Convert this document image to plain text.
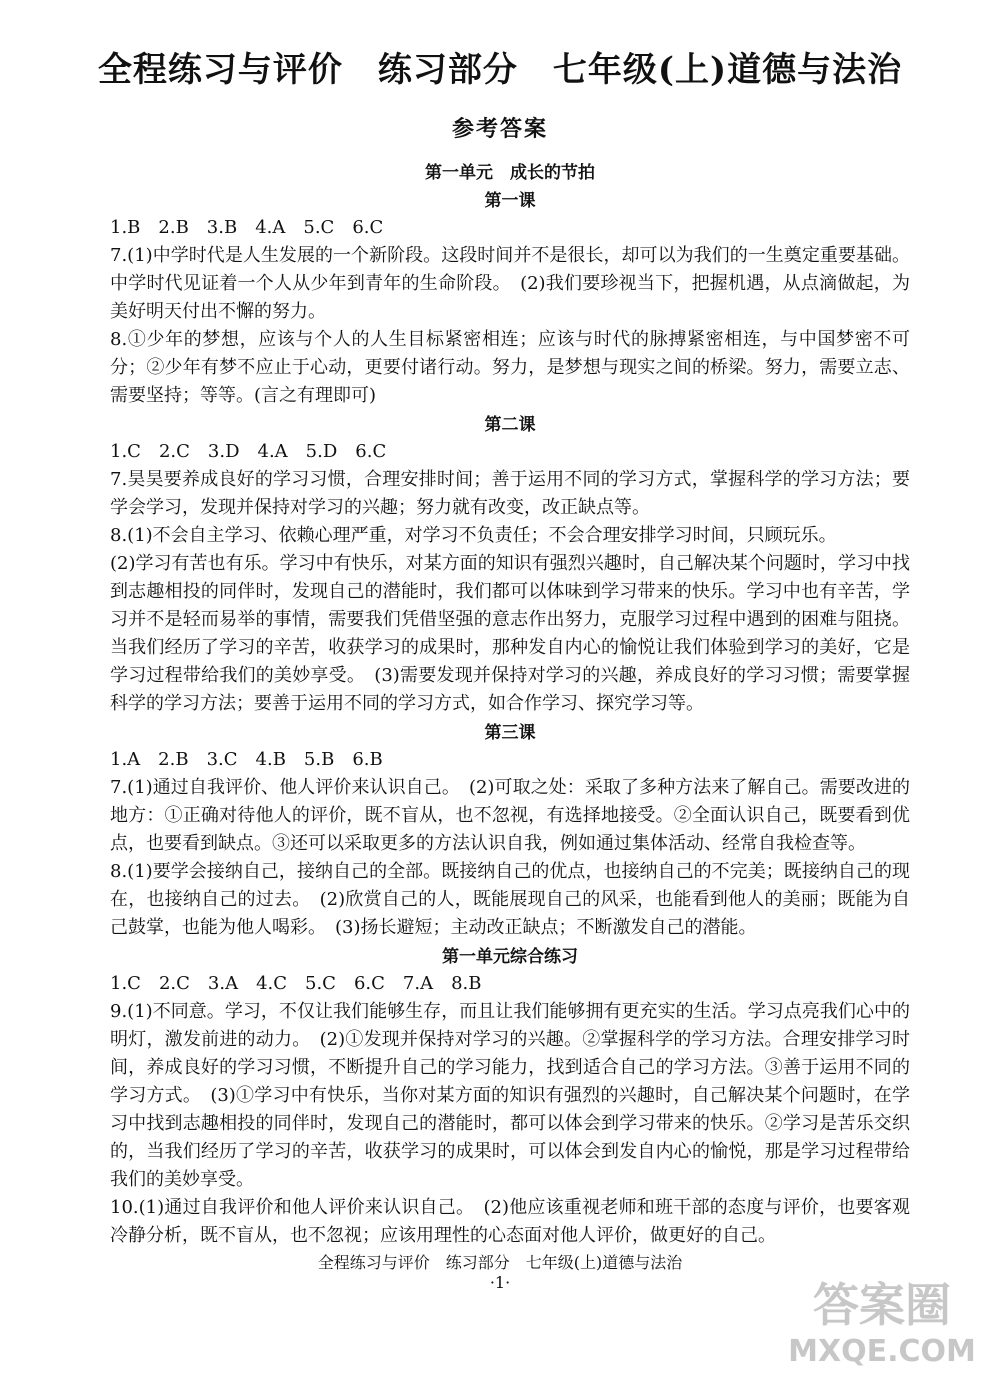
全程练习与评价　练习部分　七年级(上)道德与法治
参考答案
第一单元　成长的节拍
第一课
1.B　2.B　3.B　4.A　5.C　6.C
7.(1)中学时代是人生发展的一个新阶段。这段时间并不是很长，却可以为我们的一生奠定重要基础。中学时代见证着一个人从少年到青年的生命阶段。　(2)我们要珍视当下，把握机遇，从点滴做起，为美好明天付出不懈的努力。
8.①少年的梦想，应该与个人的人生目标紧密相连；应该与时代的脉搏紧密相连，与中国梦密不可分；②少年有梦不应止于心动，更要付诸行动。努力，是梦想与现实之间的桥梁。努力，需要立志、需要坚持；等等。(言之有理即可)
第二课
1.C　2.C　3.D　4.A　5.D　6.C
7.昊昊要养成良好的学习习惯，合理安排时间；善于运用不同的学习方式，掌握科学的学习方法；要学会学习，发现并保持对学习的兴趣；努力就有改变，改正缺点等。
8.(1)不会自主学习、依赖心理严重，对学习不负责任；不会合理安排学习时间，只顾玩乐。
(2)学习有苦也有乐。学习中有快乐，对某方面的知识有强烈兴趣时，自己解决某个问题时，学习中找到志趣相投的同伴时，发现自己的潜能时，我们都可以体味到学习带来的快乐。学习中也有辛苦，学习并不是轻而易举的事情，需要我们凭借坚强的意志作出努力，克服学习过程中遇到的困难与阻挠。当我们经历了学习的辛苦，收获学习的成果时，那种发自内心的愉悦让我们体验到学习的美好，它是学习过程带给我们的美妙享受。　(3)需要发现并保持对学习的兴趣，养成良好的学习习惯；需要掌握科学的学习方法；要善于运用不同的学习方式，如合作学习、探究学习等。
第三课
1.A　2.B　3.C　4.B　5.B　6.B
7.(1)通过自我评价、他人评价来认识自己。　(2)可取之处：采取了多种方法来了解自己。需要改进的地方：①正确对待他人的评价，既不盲从，也不忽视，有选择地接受。②全面认识自己，既要看到优点，也要看到缺点。③还可以采取更多的方法认识自我，例如通过集体活动、经常自我检查等。
8.(1)要学会接纳自己，接纳自己的全部。既接纳自己的优点，也接纳自己的不完美；既接纳自己的现在，也接纳自己的过去。　(2)欣赏自己的人，既能展现自己的风采，也能看到他人的美丽；既能为自己鼓掌，也能为他人喝彩。　(3)扬长避短；主动改正缺点；不断激发自己的潜能。
第一单元综合练习
1.C　2.C　3.A　4.C　5.C　6.C　7.A　8.B
9.(1)不同意。学习，不仅让我们能够生存，而且让我们能够拥有更充实的生活。学习点亮我们心中的明灯，激发前进的动力。　(2)①发现并保持对学习的兴趣。②掌握科学的学习方法。合理安排学习时间，养成良好的学习习惯，不断提升自己的学习能力，找到适合自己的学习方法。③善于运用不同的学习方式。　(3)①学习中有快乐，当你对某方面的知识有强烈的兴趣时，自己解决某个问题时，在学习中找到志趣相投的同伴时，发现自己的潜能时，都可以体会到学习带来的快乐。②学习是苦乐交织的，当我们经历了学习的辛苦，收获学习的成果时，可以体会到发自内心的愉悦，那是学习过程带给我们的美妙享受。
10.(1)通过自我评价和他人评价来认识自己。　(2)他应该重视老师和班干部的态度与评价，也要客观冷静分析，既不盲从，也不忽视；应该用理性的心态面对他人评价，做更好的自己。
全程练习与评价　练习部分　七年级(上)道德与法治
·1·	答案圈
MXQE.COM
